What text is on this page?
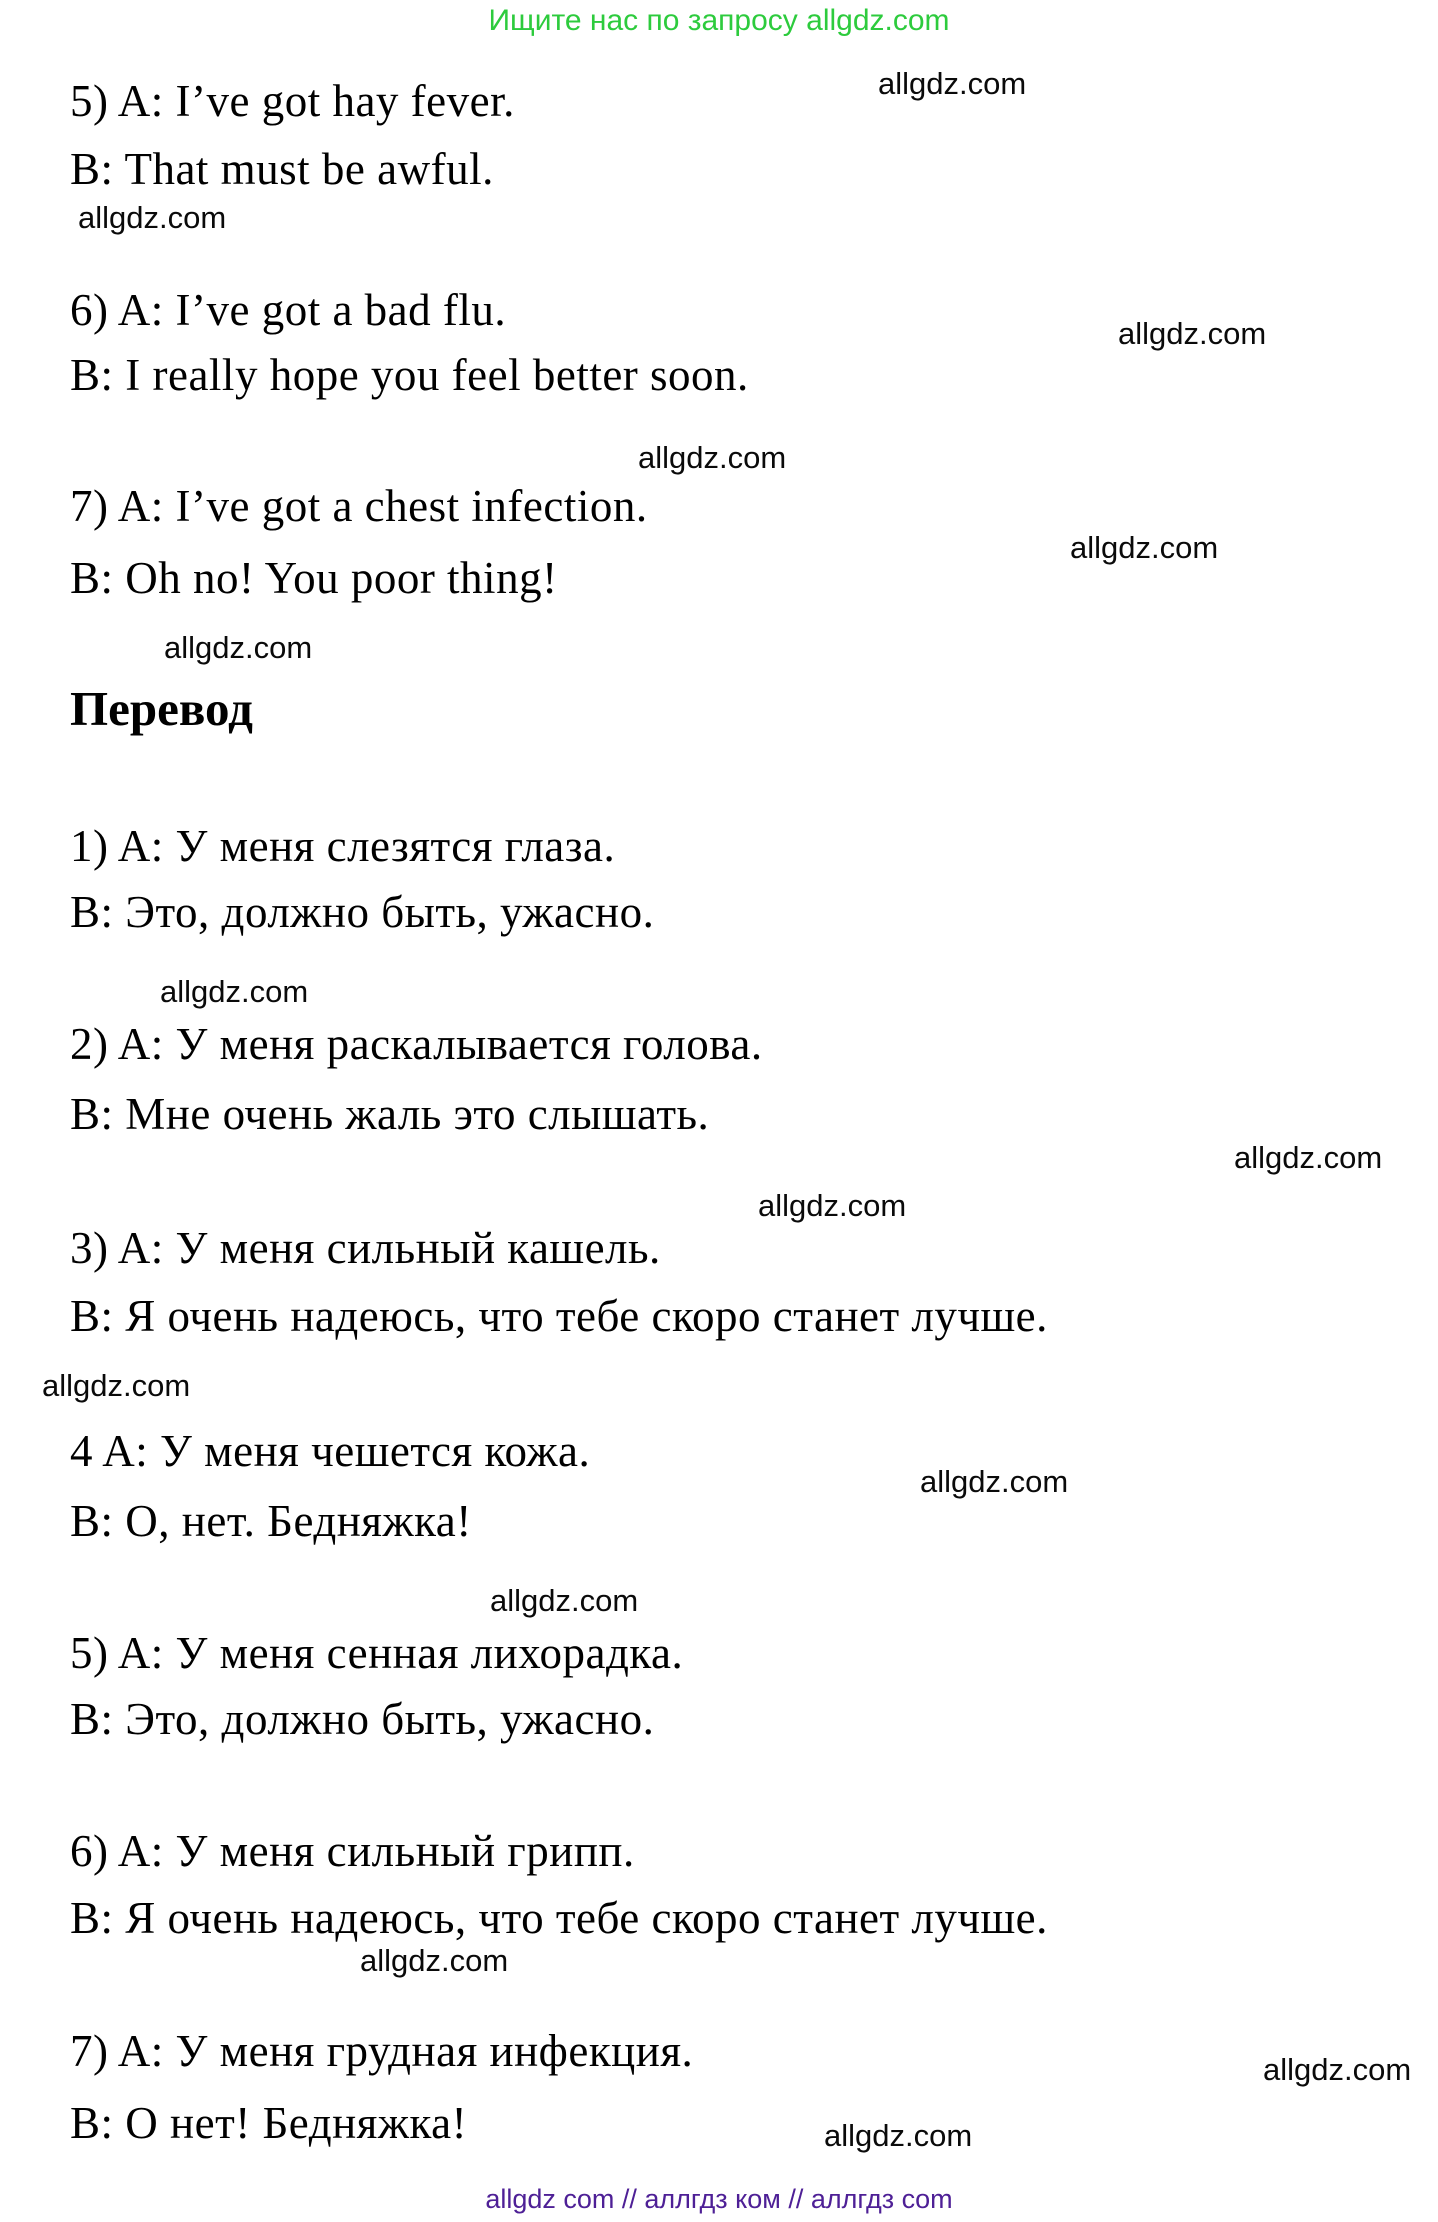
Ищите нас по запросу allgdz.com
5) A: I’ve got hay fever.
B: That must be awful.
6) A: I’ve got a bad flu.
B: I really hope you feel better soon.
7) A: I’ve got a chest infection.
B: Oh no! You poor thing!
Перевод
1) A: У меня слезятся глаза.
B: Это, должно быть, ужасно.
2) A: У меня раскалывается голова.
B: Мне очень жаль это слышать.
3) A: У меня сильный кашель.
B: Я очень надеюсь, что тебе скоро станет лучше.
4 A: У меня чешется кожа.
B: О, нет. Бедняжка!
5) A: У меня сенная лихорадка.
B: Это, должно быть, ужасно.
6) A: У меня сильный грипп.
B: Я очень надеюсь, что тебе скоро станет лучше.
7) A: У меня грудная инфекция.
B: О нет! Бедняжка!
allgdz.com
allgdz.com
allgdz.com
allgdz.com
allgdz.com
allgdz.com
allgdz.com
allgdz.com
allgdz.com
allgdz.com
allgdz.com
allgdz.com
allgdz.com
allgdz.com
allgdz.com
allgdz com // аллгдз ком // аллгдз com
